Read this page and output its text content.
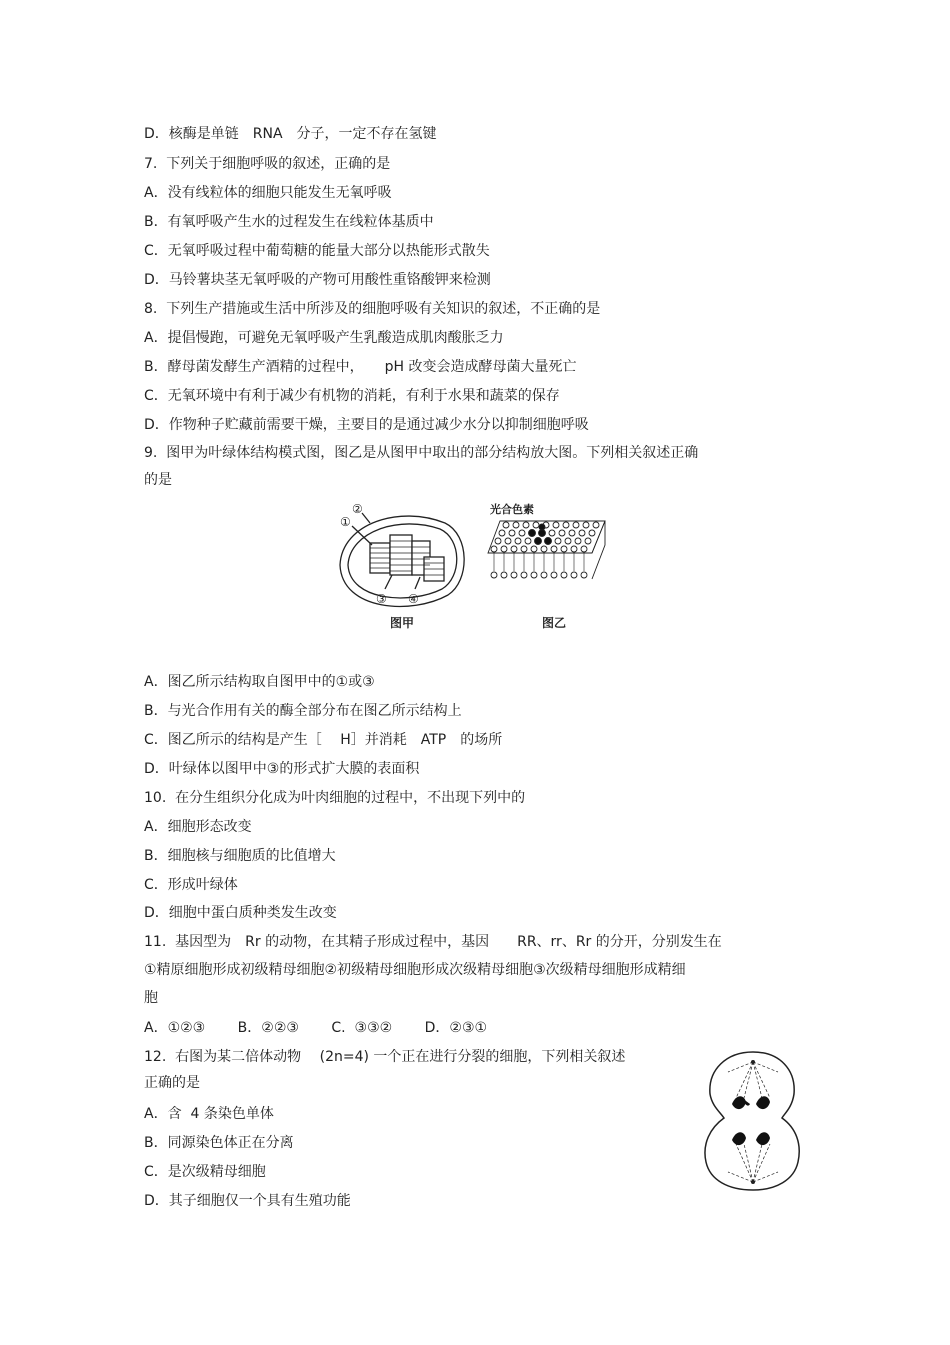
D．核酶是单链　RNA　分子，一定不存在氢键
7.  下列关于细胞呼吸的叙述，正确的是
A．没有线粒体的细胞只能发生无氧呼吸
B．有氧呼吸产生水的过程发生在线粒体基质中
C．无氧呼吸过程中葡萄糖的能量大部分以热能形式散失
D．马铃薯块茎无氧呼吸的产物可用酸性重铬酸钾来检测
8.  下列生产措施或生活中所涉及的细胞呼吸有关知识的叙述，不正确的是
A．提倡慢跑，可避免无氧呼吸产生乳酸造成肌肉酸胀乏力
B．酵母菌发酵生产酒精的过程中，　　pH 改变会造成酵母菌大量死亡
C．无氧环境中有利于减少有机物的消耗，有利于水果和蔬菜的保存
D．作物种子贮藏前需要干燥，主要目的是通过减少水分以抑制细胞呼吸
9.  图甲为叶绿体结构模式图，图乙是从图甲中取出的部分结构放大图。下列相关叙述正确
的是
②
①
③ ④
图甲
光合色素
图乙
A．图乙所示结构取自图甲中的①或③
B．与光合作用有关的酶全部分布在图乙所示结构上
C．图乙所示的结构是产生［　 H］并消耗　ATP　的场所
D．叶绿体以图甲中③的形式扩大膜的表面积
10.  在分生组织分化成为叶肉细胞的过程中，不出现下列中的
A．细胞形态改变
B．细胞核与细胞质的比值增大
C．形成叶绿体
D．细胞中蛋白质种类发生改变
11.  基因型为　Rr 的动物，在其精子形成过程中，基因　　RR、rr、Rr 的分开，分别发生在
①精原细胞形成初级精母细胞②初级精母细胞形成次级精母细胞③次级精母细胞形成精细
胞
A．①②③　　 B．②②③　　 C.  ③③②　　 D．②③①
12.  右图为某二倍体动物　 (2n=4) 一个正在进行分裂的细胞，下列相关叙述
正确的是
A．含  4 条染色单体
B．同源染色体正在分离
C．是次级精母细胞
D．其子细胞仅一个具有生殖功能
